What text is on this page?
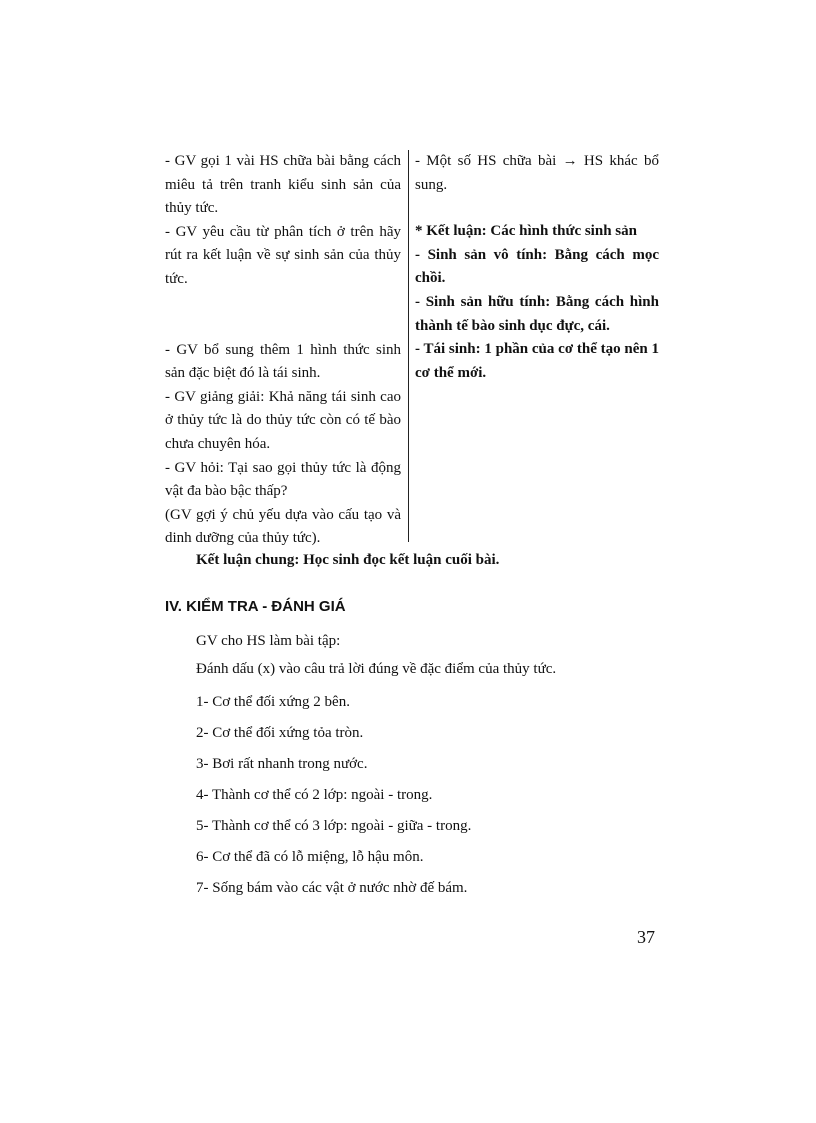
- GV gọi 1 vài HS chữa bài bằng cách miêu tả trên tranh kiểu sinh sản của thủy tức.

- GV yêu cầu từ phân tích ở trên hãy rút ra kết luận về sự sinh sản của thủy tức.

- GV bổ sung thêm 1 hình thức sinh sản đặc biệt đó là tái sinh.

- GV giảng giải: Khả năng tái sinh cao ở thủy tức là do thủy tức còn có tế bào chưa chuyên hóa.

- GV hỏi: Tại sao gọi thủy tức là động vật đa bào bậc thấp?

(GV gợi ý chủ yếu dựa vào cấu tạo và dinh dưỡng của thủy tức).

- Một số HS chữa bài → HS khác bổ sung.

* Kết luận: Các hình thức sinh sản

- Sinh sản vô tính: Bằng cách mọc chồi.

- Sinh sản hữu tính: Bằng cách hình thành tế bào sinh dục đực, cái.

- Tái sinh: 1 phần của cơ thể tạo nên 1 cơ thể mới.

Kết luận chung: Học sinh đọc kết luận cuối bài.
IV. KIỂM TRA - ĐÁNH GIÁ
GV cho HS làm bài tập:
Đánh dấu (x) vào câu trả lời đúng về đặc điểm của thủy tức.
1- Cơ thể đối xứng 2 bên.
2- Cơ thể đối xứng tỏa tròn.
3- Bơi rất nhanh trong nước.
4- Thành cơ thể có 2 lớp: ngoài - trong.
5- Thành cơ thể có 3 lớp: ngoài - giữa - trong.
6- Cơ thể đã có lỗ miệng, lỗ hậu môn.
7- Sống bám vào các vật ở nước nhờ đế bám.
37
